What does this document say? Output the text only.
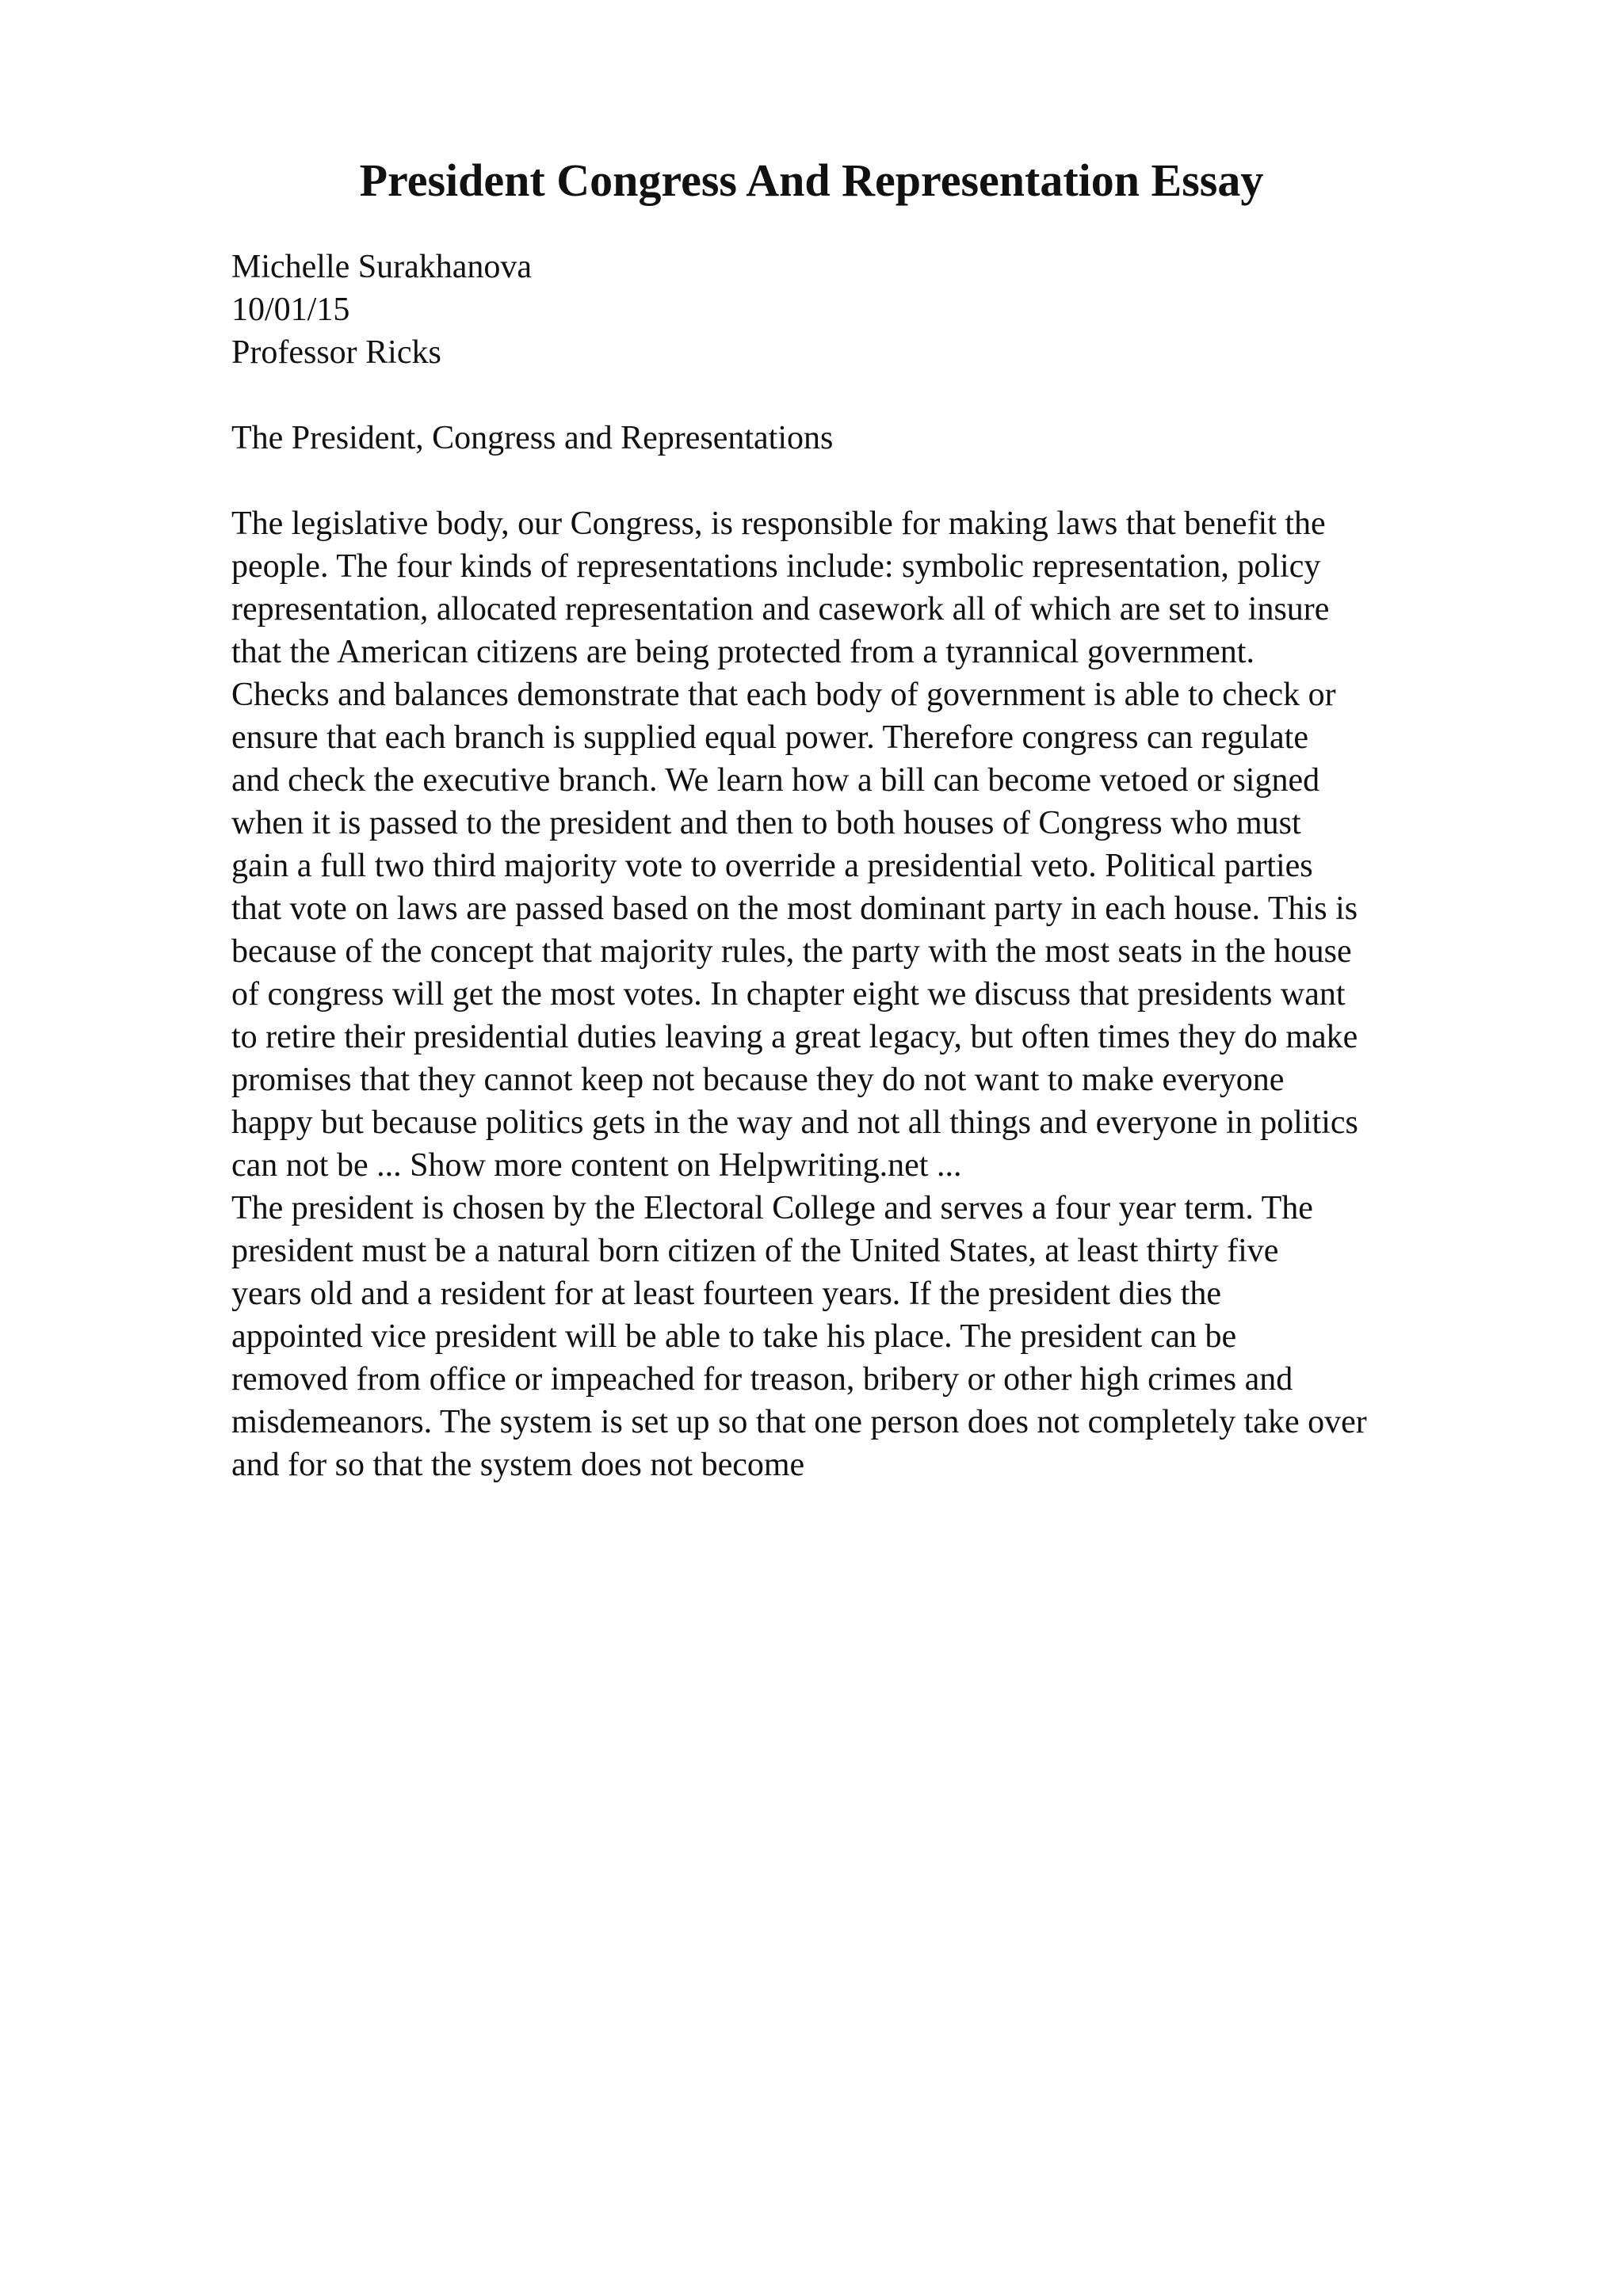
President Congress And Representation Essay
Michelle Surakhanova
10/01/15
Professor Ricks
The President, Congress and Representations
The legislative body, our Congress, is responsible for making laws that benefit the
people. The four kinds of representations include: symbolic representation, policy
representation, allocated representation and casework all of which are set to insure
that the American citizens are being protected from a tyrannical government.
Checks and balances demonstrate that each body of government is able to check or
ensure that each branch is supplied equal power. Therefore congress can regulate
and check the executive branch. We learn how a bill can become vetoed or signed
when it is passed to the president and then to both houses of Congress who must
gain a full two third majority vote to override a presidential veto. Political parties
that vote on laws are passed based on the most dominant party in each house. This is
because of the concept that majority rules, the party with the most seats in the house
of congress will get the most votes. In chapter eight we discuss that presidents want
to retire their presidential duties leaving a great legacy, but often times they do make
promises that they cannot keep not because they do not want to make everyone
happy but because politics gets in the way and not all things and everyone in politics
can not be ... Show more content on Helpwriting.net ...
The president is chosen by the Electoral College and serves a four year term. The
president must be a natural born citizen of the United States, at least thirty five
years old and a resident for at least fourteen years. If the president dies the
appointed vice president will be able to take his place. The president can be
removed from office or impeached for treason, bribery or other high crimes and
misdemeanors. The system is set up so that one person does not completely take over
and for so that the system does not become
